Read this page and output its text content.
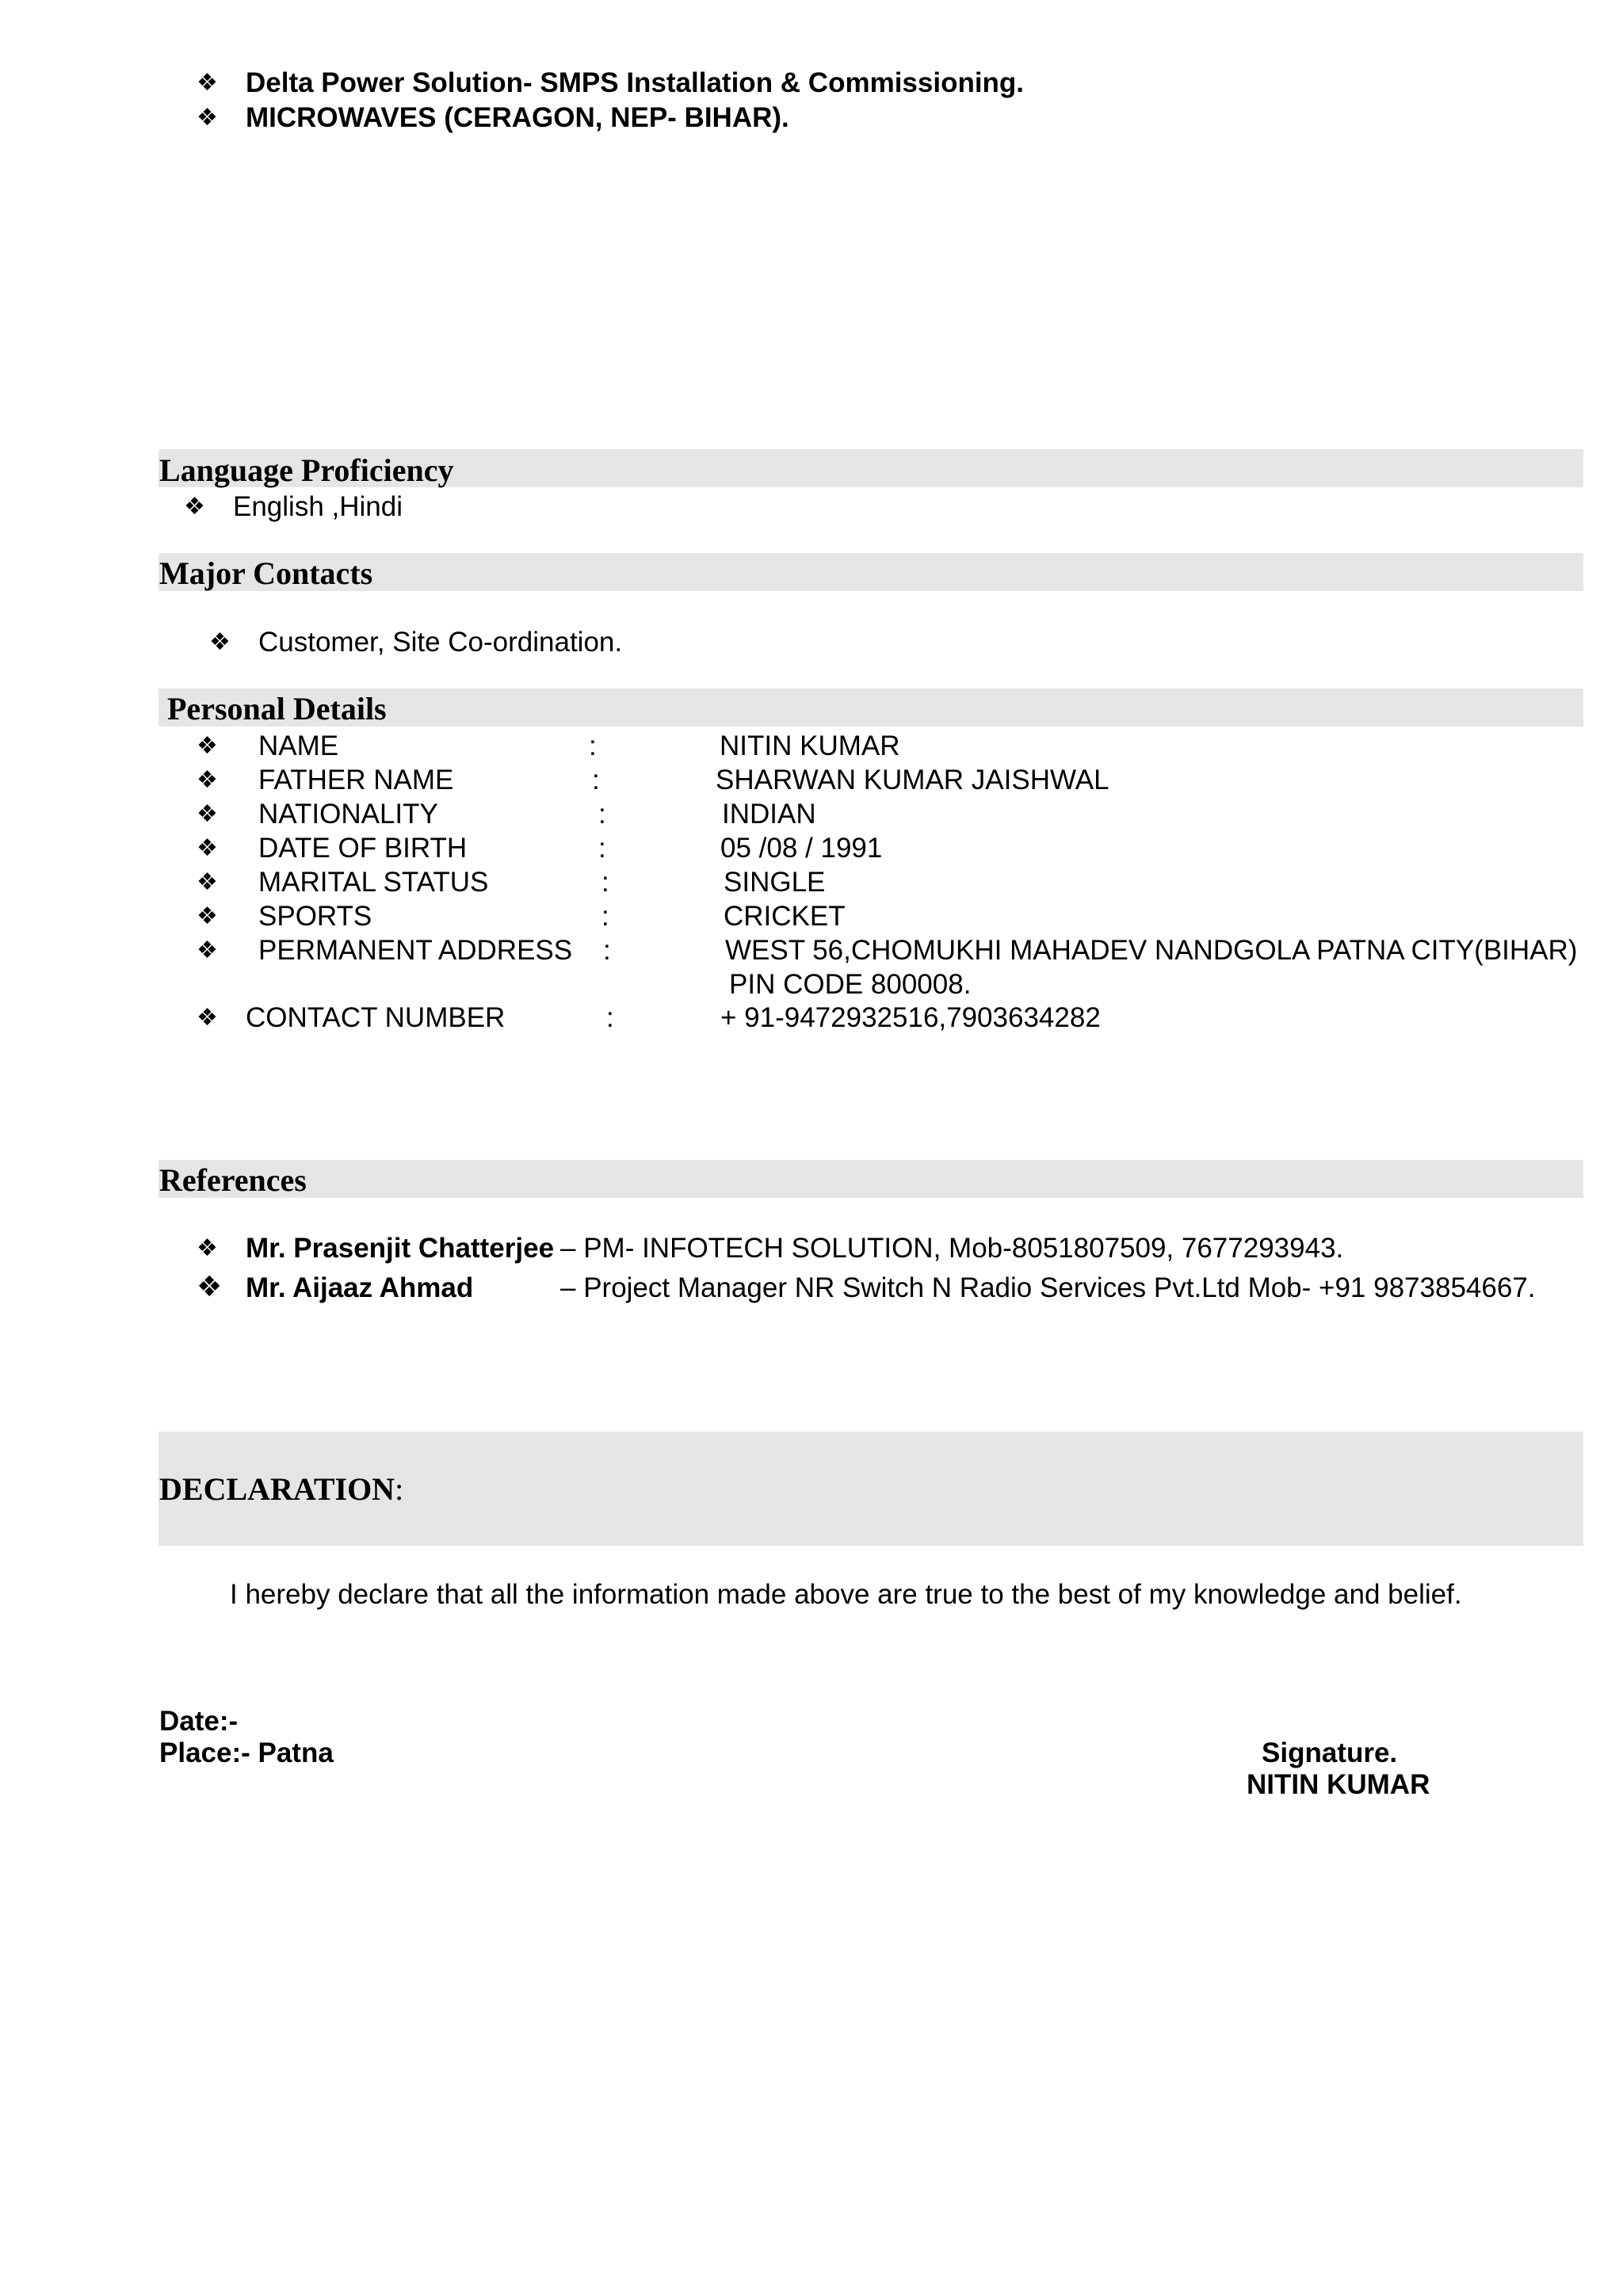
❖ Delta Power Solution- SMPS Installation & Commissioning.
❖ MICROWAVES (CERAGON, NEP- BIHAR).
Language Proficiency
❖ English ,Hindi
Major Contacts
❖ Customer, Site Co-ordination.
Personal Details
❖ NAME	:	NITIN KUMAR
❖ FATHER NAME	:	SHARWAN KUMAR JAISHWAL
❖ NATIONALITY	:	INDIAN
❖ DATE OF BIRTH	:	05 /08 / 1991
❖ MARITAL STATUS	:	SINGLE
❖ SPORTS	:	CRICKET
❖ PERMANENT ADDRESS :	WEST 56,CHOMUKHI MAHADEV NANDGOLA PATNA CITY(BIHAR)
PIN CODE 800008.
❖ CONTACT NUMBER	:	+ 91-9472932516,7903634282
References
❖ Mr. Prasenjit Chatterjee – PM- INFOTECH SOLUTION, Mob-8051807509, 7677293943.
❖ Mr. Aijaaz Ahmad	– Project Manager NR Switch N Radio Services Pvt.Ltd Mob- +91 9873854667.
DECLARATION:
I hereby declare that all the information made above are true to the best of my knowledge and belief.
Date:-
Place:- Patna	Signature.
NITIN KUMAR
